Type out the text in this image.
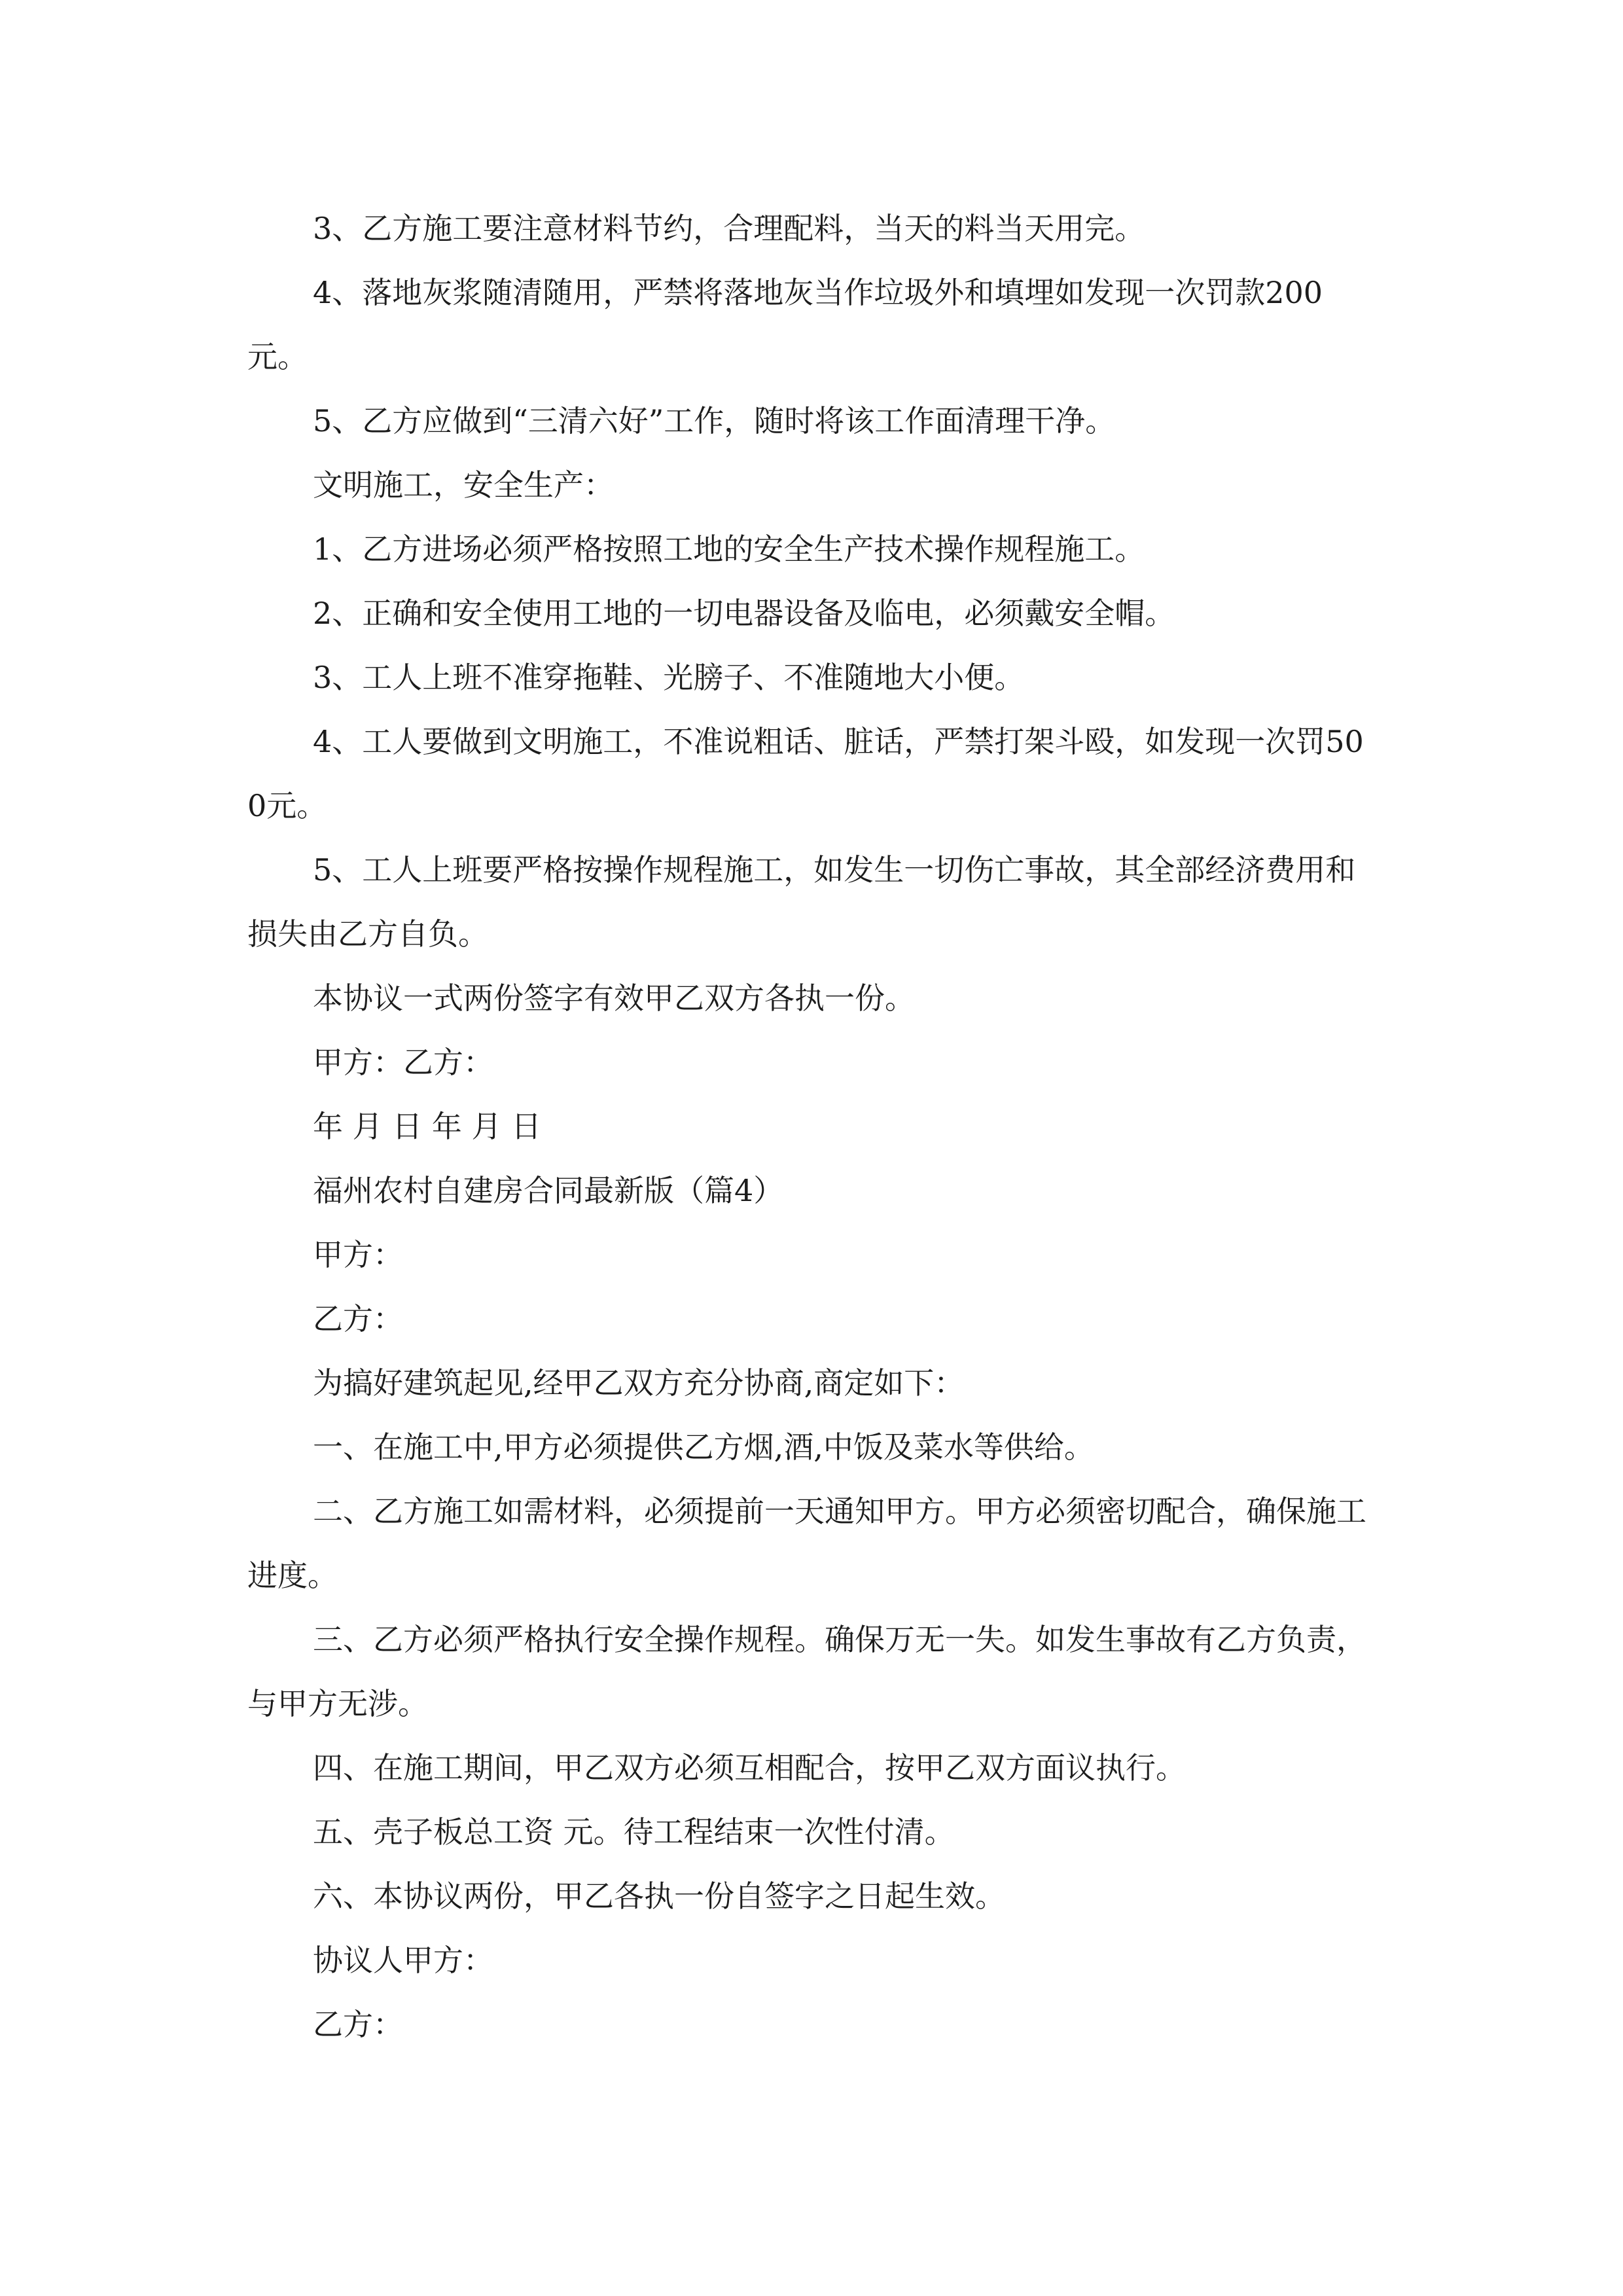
3、乙方施工要注意材料节约，合理配料，当天的料当天用完。

4、落地灰浆随清随用，严禁将落地灰当作垃圾外和填埋如发现一次罚款200元。

5、乙方应做到“三清六好”工作，随时将该工作面清理干净。

文明施工，安全生产：

1、乙方进场必须严格按照工地的安全生产技术操作规程施工。

2、正确和安全使用工地的一切电器设备及临电，必须戴安全帽。

3、工人上班不准穿拖鞋、光膀子、不准随地大小便。

4、工人要做到文明施工，不准说粗话、脏话，严禁打架斗殴，如发现一次罚500元。

5、工人上班要严格按操作规程施工，如发生一切伤亡事故，其全部经济费用和损失由乙方自负。

本协议一式两份签字有效甲乙双方各执一份。

甲方：乙方：

年 月 日 年 月 日

福州农村自建房合同最新版（篇4）

甲方：

乙方：

为搞好建筑起见,经甲乙双方充分协商,商定如下：

一、在施工中,甲方必须提供乙方烟,酒,中饭及菜水等供给。

二、乙方施工如需材料，必须提前一天通知甲方。甲方必须密切配合，确保施工进度。

三、乙方必须严格执行安全操作规程。确保万无一失。如发生事故有乙方负责，与甲方无涉。

四、在施工期间，甲乙双方必须互相配合，按甲乙双方面议执行。

五、壳子板总工资 元。待工程结束一次性付清。

六、本协议两份，甲乙各执一份自签字之日起生效。

协议人甲方：

乙方：
